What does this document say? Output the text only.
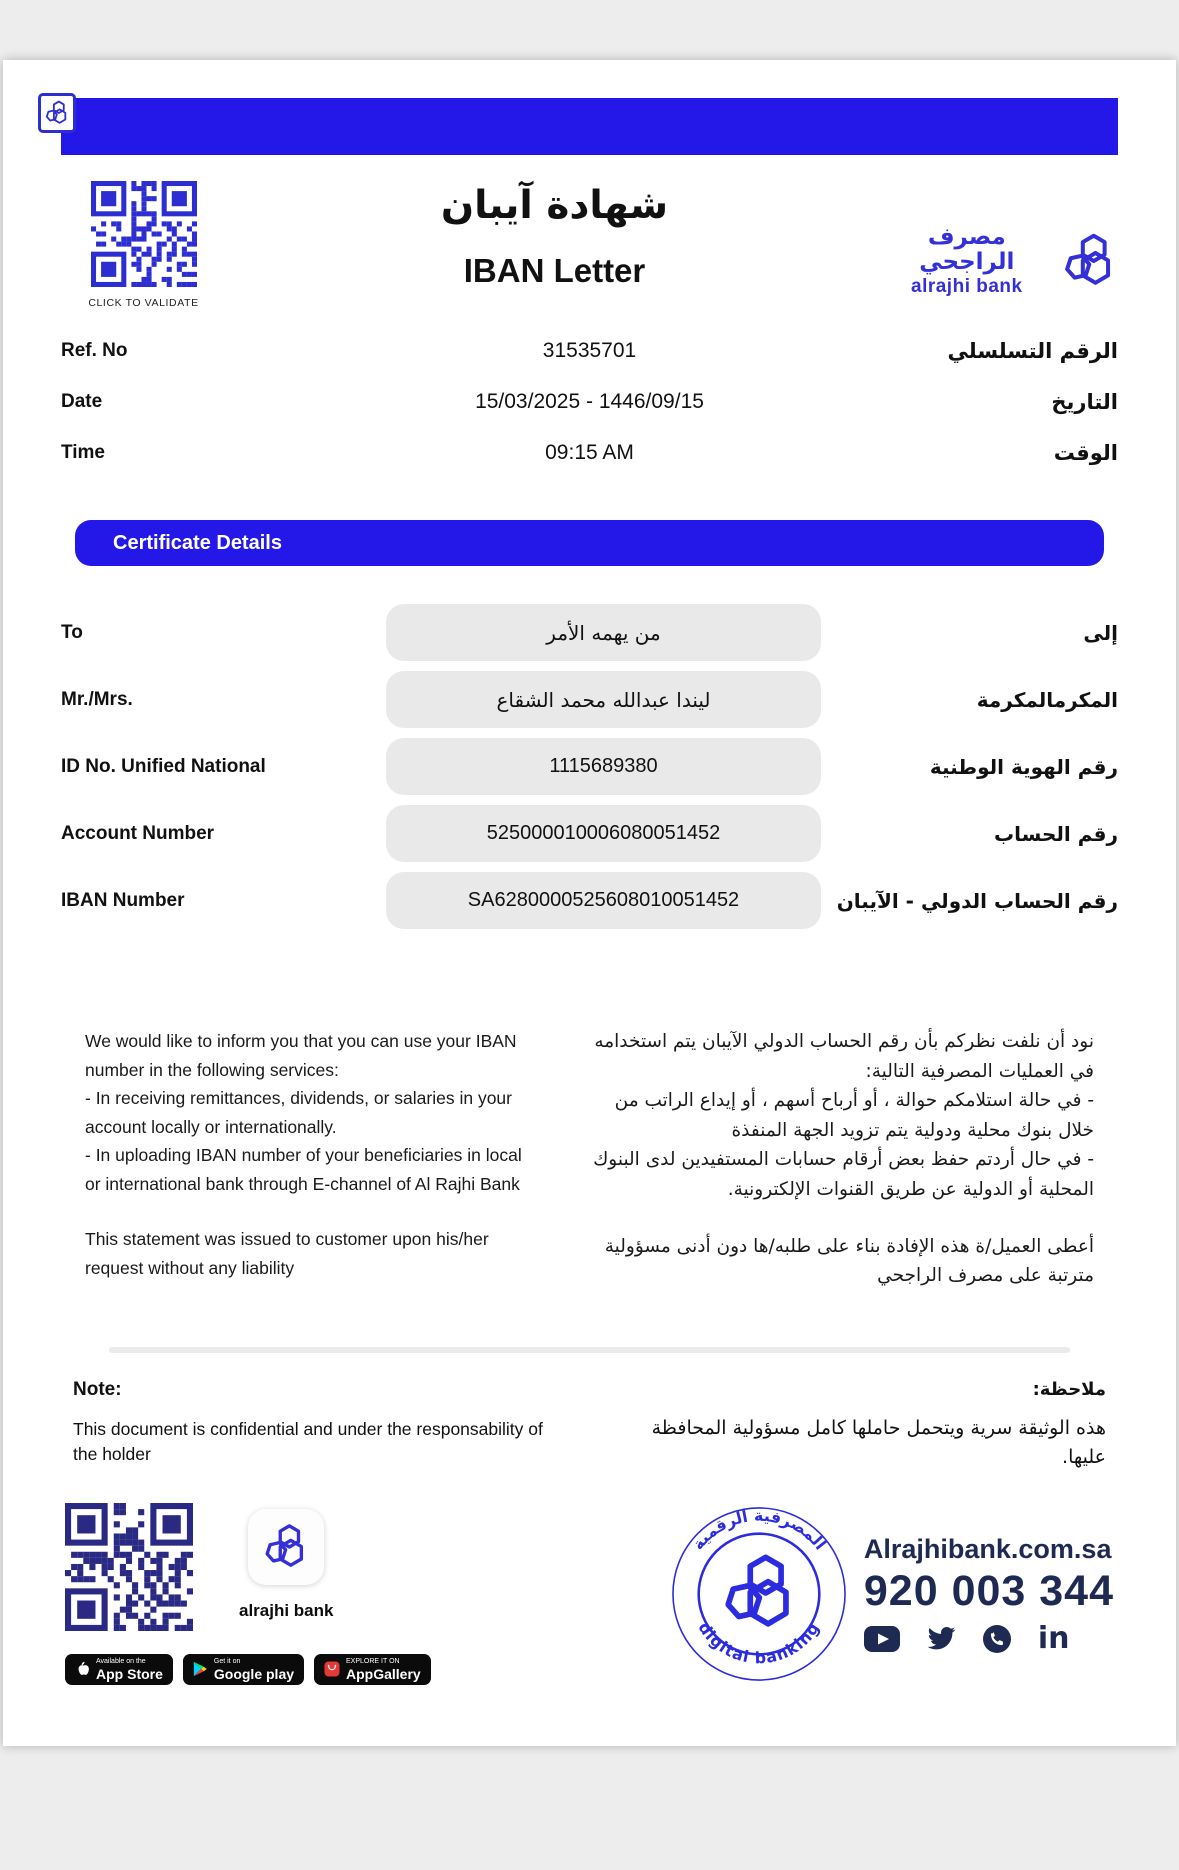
CLICK TO VALIDATE
شهادة آيبان
IBAN Letter
مصرف الراجحي
alrajhi bank
Ref. No	31535701	الرقم التسلسلي
Date	15/03/2025 - 1446/09/15	التاريخ
Time	09:15 AM	الوقت
Certificate Details
To	من يهمه الأمر	إلى
Mr./Mrs.	ليندا عبدالله محمد الشقاع	المكرمالمكرمة
ID No. Unified National	1115689380	رقم الهوية الوطنية
Account Number	525000010006080051452	رقم الحساب
IBAN Number	SA6280000525608010051452	رقم الحساب الدولي - الآيبان

We would like to inform you that you can use your IBAN number in the following services:

- In receiving remittances, dividends, or salaries in your account locally or internationally.

- In uploading IBAN number of your beneficiaries in local or international bank through E-channel of Al Rajhi Bank

This statement was issued to customer upon his/her request without any liability

نود أن نلفت نظركم بأن رقم الحساب الدولي الآيبان يتم استخدامه في العمليات المصرفية التالية:

- في حالة استلامكم حوالة ، أو أرباح أسهم ، أو إيداع الراتب من خلال بنوك محلية ودولية يتم تزويد الجهة المنفذة

- في حال أردتم حفظ بعض أرقام حسابات المستفيدين لدى البنوك المحلية أو الدولية عن طريق القنوات الإلكترونية.

أعطى العميل/ة هذه الإفادة بناء على طلبه/ها دون أدنى مسؤولية مترتبة على مصرف الراجحي

Note:

This document is confidential and under the responsability of the holder

ملاحظة:

هذه الوثيقة سرية ويتحمل حاملها كامل مسؤولية المحافظة عليها.

alrajhi bank
Available on the
App Store
Get it on
Google play
EXPLORE IT ON
AppGallery
المصرفية الرقمية
digital banking
Alrajhibank.com.sa
920 003 344
in
